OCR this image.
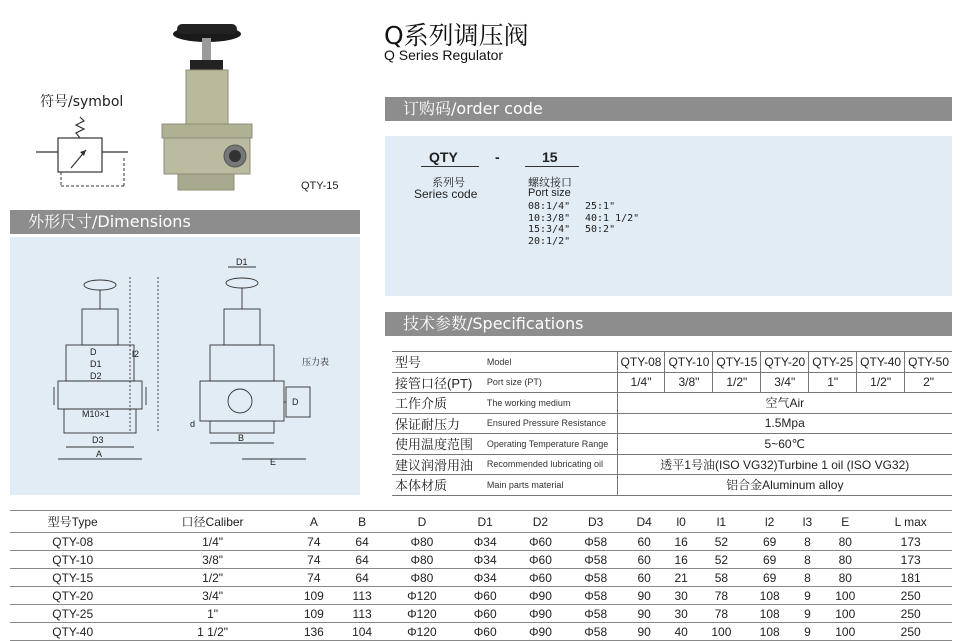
Q系列调压阀
Q Series Regulator
符号/symbol
QTY-15
外形尺寸/Dimensions
D
D1
D2
M10×1
D3
A
l2
D1
d
B
E
压力表
D
订购码/order code
QTY	-	15
系列号
Series code
螺纹接口
Port size
08:1/4"
10:3/8"
15:3/4"
20:1/2"
25:1"
40:1 1/2"
50:2"
技术参数/Specifications
型号	Model	QTY-08	QTY-10	QTY-15	QTY-20	QTY-25	QTY-40	QTY-50
接管口径(PT)	Port size (PT)	1/4"	3/8"	1/2"	3/4"	1"	1/2"	2"
工作介质	The working medium	空气Air						
保证耐压力	Ensured Pressure Resistance	1.5Mpa						
使用温度范围	Operating Temperature Range	5~60℃						
建议润滑用油	Recommended lubricating oil	透平1号油(ISO VG32)Turbine 1 oil (ISO VG32)						
本体材质	Main parts material	铝合金Aluminum alloy						
型号Type	口径Caliber	A	B	D	D1	D2	D3	D4	l0	l1	l2	l3	E	L max
QTY-08	1/4"	74	64	Φ80	Φ34	Φ60	Φ58	60	16	52	69	8	80	173
QTY-10	3/8"	74	64	Φ80	Φ34	Φ60	Φ58	60	16	52	69	8	80	173
QTY-15	1/2"	74	64	Φ80	Φ34	Φ60	Φ58	60	21	58	69	8	80	181
QTY-20	3/4"	109	113	Φ120	Φ60	Φ90	Φ58	90	30	78	108	9	100	250
QTY-25	1"	109	113	Φ120	Φ60	Φ90	Φ58	90	30	78	108	9	100	250
QTY-40	1 1/2"	136	104	Φ120	Φ60	Φ90	Φ58	90	40	100	108	9	100	250
